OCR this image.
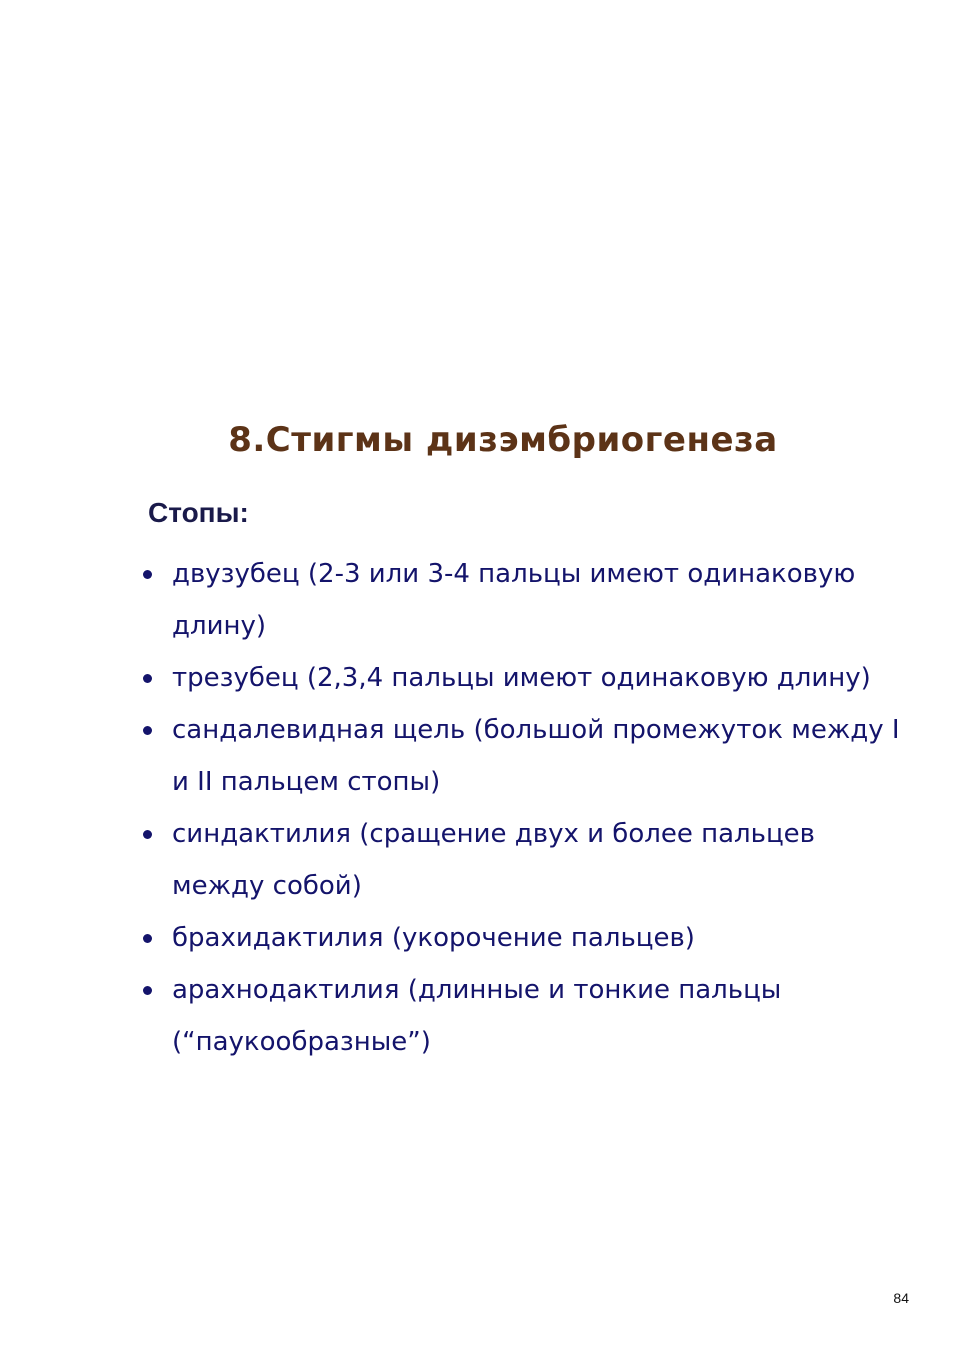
8.Стигмы дизэмбриогенеза
Стопы:
двузубец (2-3 или 3-4 пальцы имеют одинаковую длину)
трезубец (2,3,4 пальцы имеют одинаковую длину)
сандалевидная щель (большой промежуток между I и II пальцем стопы)
синдактилия (сращение двух и более пальцев между собой)
брахидактилия (укорочение пальцев)
арахнодактилия (длинные и тонкие пальцы (“паукообразные”)

84
